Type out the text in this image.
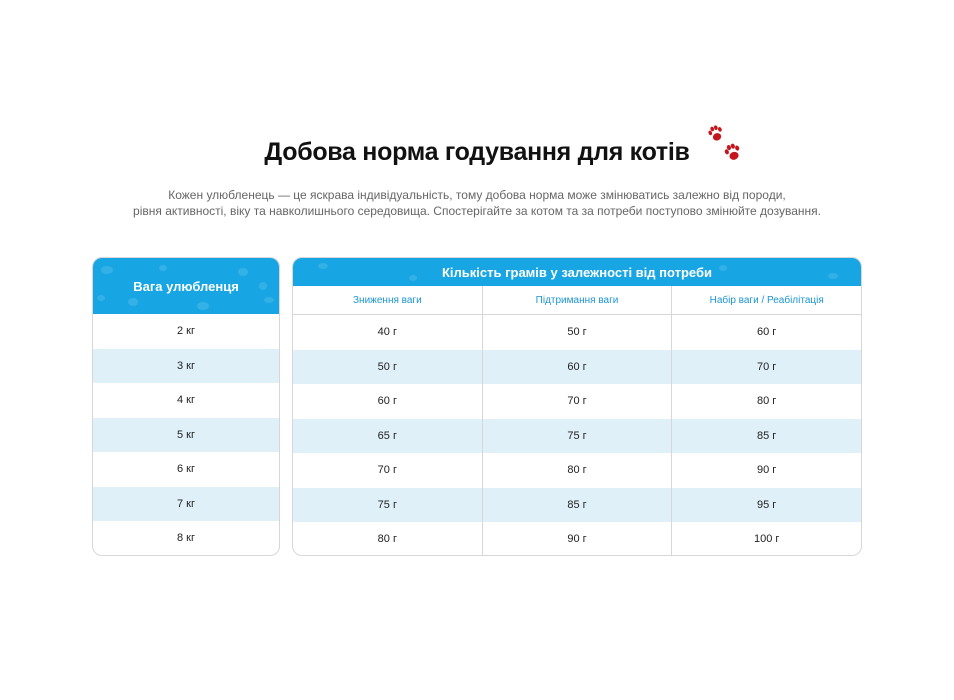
Добова норма годування для котів
Кожен улюбленець — це яскрава індивідуальність, тому добова норма може змінюватись залежно від породи,
рівня активності, віку та навколишнього середовища. Спостерігайте за котом та за потреби поступово змінюйте дозування.
Вага улюбленця
2 кг
3 кг
4 кг
5 кг
6 кг
7 кг
8 кг
Кількість грамів у залежності від потреби
Зниження ваги	Підтримання ваги	Набір ваги / Реабілітація
40 г	50 г	60 г
50 г	60 г	70 г
60 г	70 г	80 г
65 г	75 г	85 г
70 г	80 г	90 г
75 г	85 г	95 г
80 г	90 г	100 г
